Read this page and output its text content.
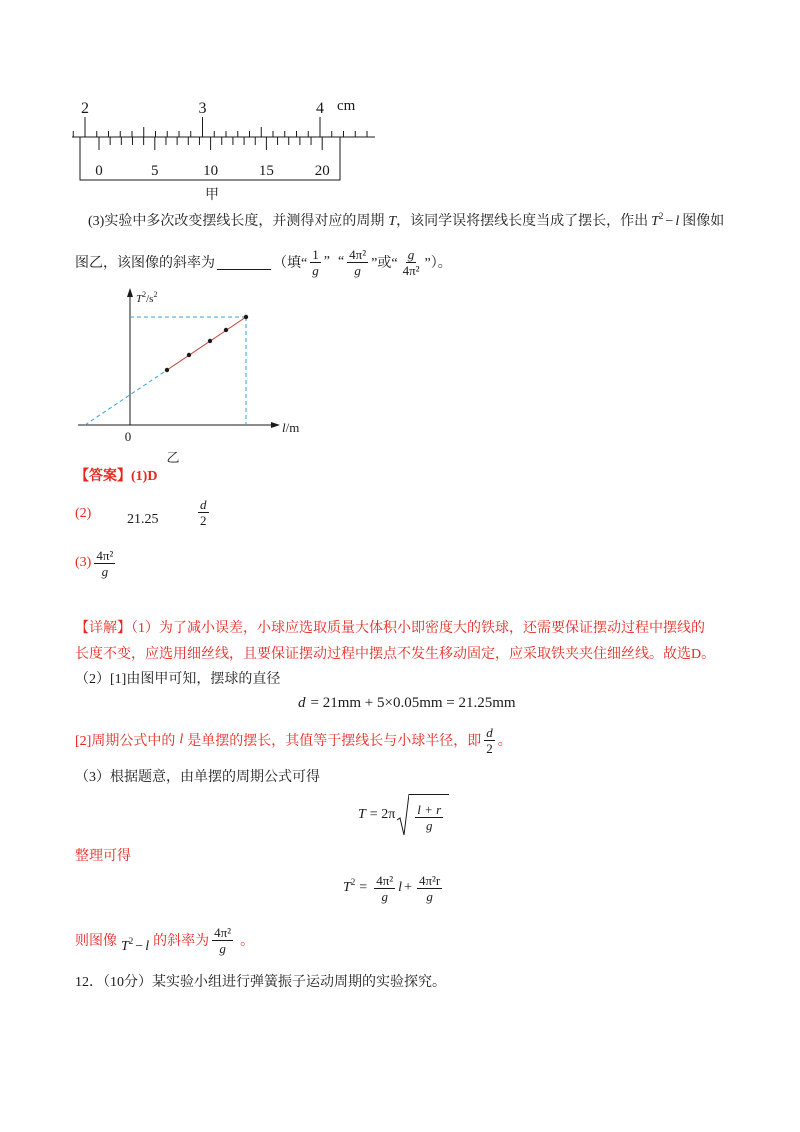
2	3	4 cm
0	5	10	15	20
甲
(3)实验中多次改变摆线长度，并测得对应的周期 T ，该同学误将摆线长度当成了摆长，作出 $T^2 - l$ 图像如
图乙，该图像的斜率为	（填“ $\frac{1}{g}$ ” “ $\frac{\text{4π²}}{g}$ ”或“ $\frac{g}{\text{4π²}}$ ”）。
$T^2/s^2$
l/m
0
乙
【答案】 (1)D
(2)	21.25	$\frac{d}{2}$
$(3) \frac{\text{4π²}}{g}$
【详解】（1）为了减小误差，小球应选取质量大体积小即密度大的铁球，还需要保证摆动过程中摆线的
长度不变，应选用细丝线，且要保证摆动过程中摆点不发生移动固定，应采取铁夹夹住细丝线。故选D。
（2）[1]由图甲可知，摆球的直径
d = 21mm + 5×0.05mm = 21.25mm
[2]周期公式中的 l 是单摆的摆长，其值等于摆线长与小球半径，即 $\frac{d}{2}$ 。
（3）根据题意，由单摆的周期公式可得
$T = 2\pi \frac{l + r}{g}$
整理可得
T $2 = \frac{\text{4π²}}{g}$ $l + \frac{\text{4π²r}}{g}$
则图像 $T^2 - l$ 的斜率为 $\frac{\text{4π²}}{g}$ 。
12．（10分）某实验小组进行弹簧振子运动周期的实验探究。
